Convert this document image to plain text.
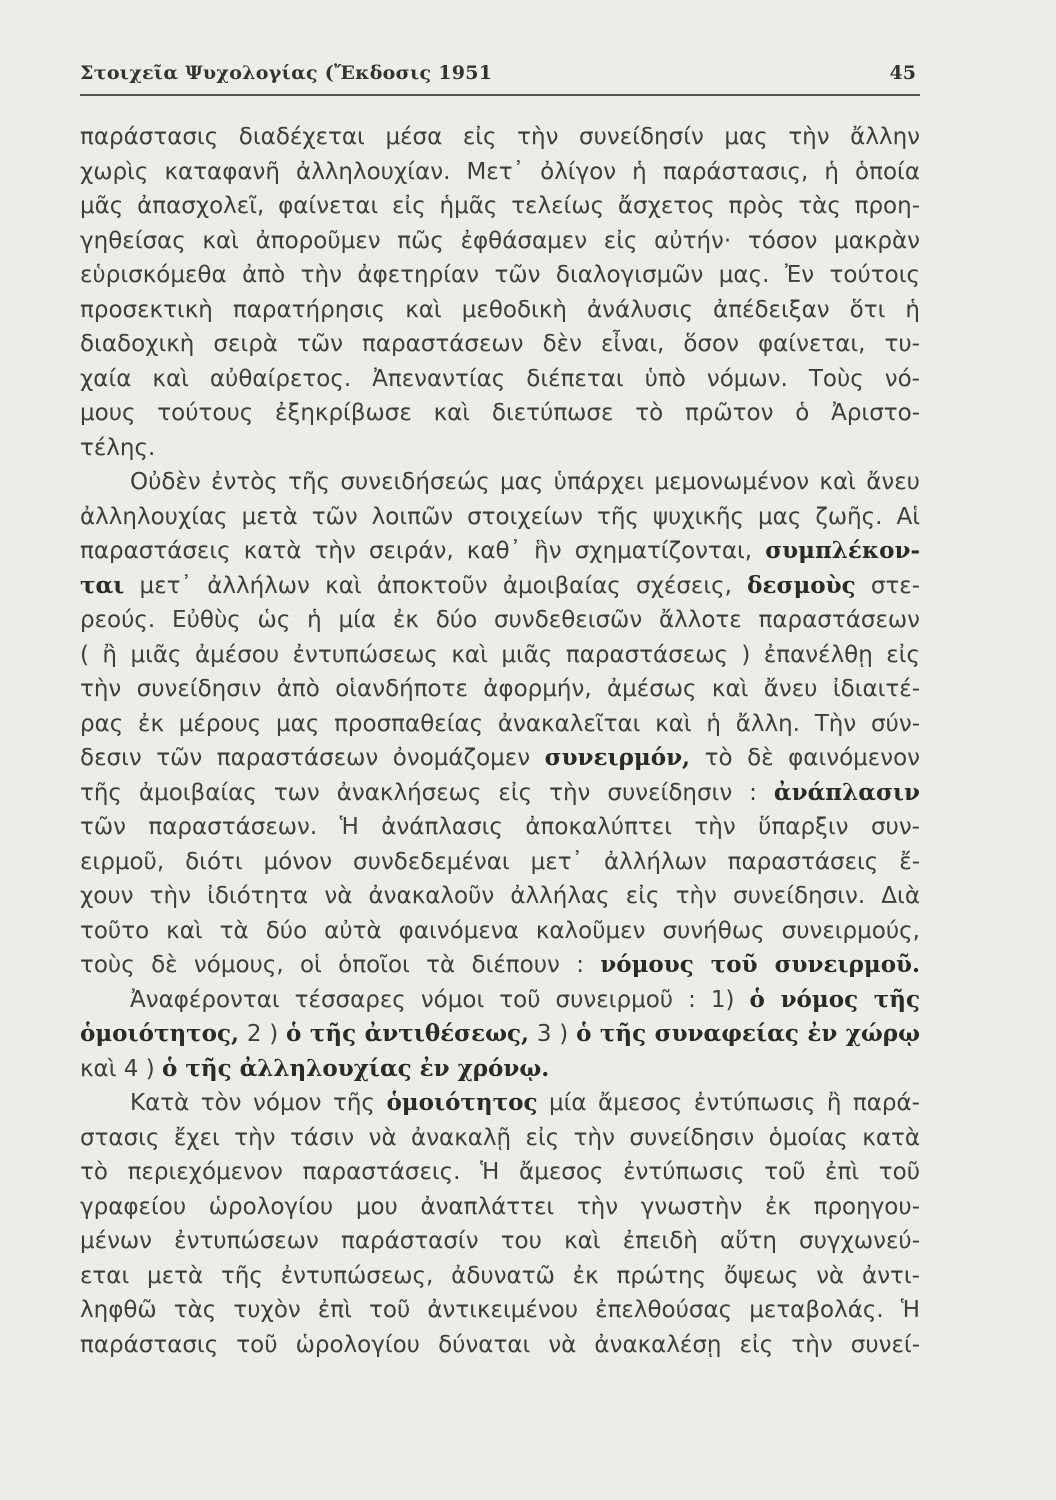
Στοιχεῖα Ψυχολογίας (Ἔκδοσις 1951	45
παράστασις διαδέχεται μέσα εἰς τὴν συνείδησίν μας τὴν ἄλλην
χωρὶς καταφανῆ ἀλληλουχίαν. Μετ᾽ ὀλίγον ἡ παράστασις, ἡ ὁποία
μᾶς ἀπασχολεῖ, φαίνεται εἰς ἡμᾶς τελείως ἄσχετος πρὸς τὰς προη-
γηθείσας καὶ ἀποροῦμεν πῶς ἐφθάσαμεν εἰς αὐτήν· τόσον μακρὰν
εὑρισκόμεθα ἀπὸ τὴν ἀφετηρίαν τῶν διαλογισμῶν μας. Ἐν τούτοις
προσεκτικὴ παρατήρησις καὶ μεθοδικὴ ἀνάλυσις ἀπέδειξαν ὅτι ἡ
διαδοχικὴ σειρὰ τῶν παραστάσεων δὲν εἶναι, ὅσον φαίνεται, τυ-
χαία καὶ αὐθαίρετος. Ἀπεναντίας διέπεται ὑπὸ νόμων. Τοὺς νό-
μους τούτους ἐξηκρίβωσε καὶ διετύπωσε τὸ πρῶτον ὁ Ἀριστο-
τέλης.
Οὐδὲν ἐντὸς τῆς συνειδήσεώς μας ὑπάρχει μεμονωμένον καὶ ἄνευ
ἀλληλουχίας μετὰ τῶν λοιπῶν στοιχείων τῆς ψυχικῆς μας ζωῆς. Αἱ
παραστάσεις κατὰ τὴν σειράν, καθ᾽ ἣν σχηματίζονται, συμπλέκον-
ται μετ᾽ ἀλλήλων καὶ ἀποκτοῦν ἀμοιβαίας σχέσεις, δεσμοὺς στε-
ρεούς. Εὐθὺς ὡς ἡ μία ἐκ δύο συνδεθεισῶν ἄλλοτε παραστάσεων
( ἢ μιᾶς ἀμέσου ἐντυπώσεως καὶ μιᾶς παραστάσεως ) ἐπανέλθῃ εἰς
τὴν συνείδησιν ἀπὸ οἱανδήποτε ἀφορμήν, ἀμέσως καὶ ἄνευ ἰδιαιτέ-
ρας ἐκ μέρους μας προσπαθείας ἀνακαλεῖται καὶ ἡ ἄλλη. Τὴν σύν-
δεσιν τῶν παραστάσεων ὀνομάζομεν συνειρμόν, τὸ δὲ φαινόμενον
τῆς ἀμοιβαίας των ἀνακλήσεως εἰς τὴν συνείδησιν : ἀνάπλασιν
τῶν παραστάσεων. Ἡ ἀνάπλασις ἀποκαλύπτει τὴν ὕπαρξιν συν-
ειρμοῦ, διότι μόνον συνδεδεμέναι μετ᾽ ἀλλήλων παραστάσεις ἔ-
χουν τὴν ἰδιότητα νὰ ἀνακαλοῦν ἀλλήλας εἰς τὴν συνείδησιν. Διὰ
τοῦτο καὶ τὰ δύο αὐτὰ φαινόμενα καλοῦμεν συνήθως συνειρμούς,
τοὺς δὲ νόμους, οἱ ὁποῖοι τὰ διέπουν : νόμους τοῦ συνειρμοῦ.
Ἀναφέρονται τέσσαρες νόμοι τοῦ συνειρμοῦ : 1) ὁ νόμος τῆς
ὁμοιότητος, 2 ) ὁ τῆς ἀντιθέσεως, 3 ) ὁ τῆς συναφείας ἐν χώρῳ
καὶ 4 ) ὁ τῆς ἀλληλουχίας ἐν χρόνῳ.
Κατὰ τὸν νόμον τῆς ὁμοιότητος μία ἄμεσος ἐντύπωσις ἢ παρά-
στασις ἔχει τὴν τάσιν νὰ ἀνακαλῇ εἰς τὴν συνείδησιν ὁμοίας κατὰ
τὸ περιεχόμενον παραστάσεις. Ἡ ἄμεσος ἐντύπωσις τοῦ ἐπὶ τοῦ
γραφείου ὡρολογίου μου ἀναπλάττει τὴν γνωστὴν ἐκ προηγου-
μένων ἐντυπώσεων παράστασίν του καὶ ἐπειδὴ αὕτη συγχωνεύ-
εται μετὰ τῆς ἐντυπώσεως, ἀδυνατῶ ἐκ πρώτης ὄψεως νὰ ἀντι-
ληφθῶ τὰς τυχὸν ἐπὶ τοῦ ἀντικειμένου ἐπελθούσας μεταβολάς. Ἡ
παράστασις τοῦ ὡρολογίου δύναται νὰ ἀνακαλέσῃ εἰς τὴν συνεί-
